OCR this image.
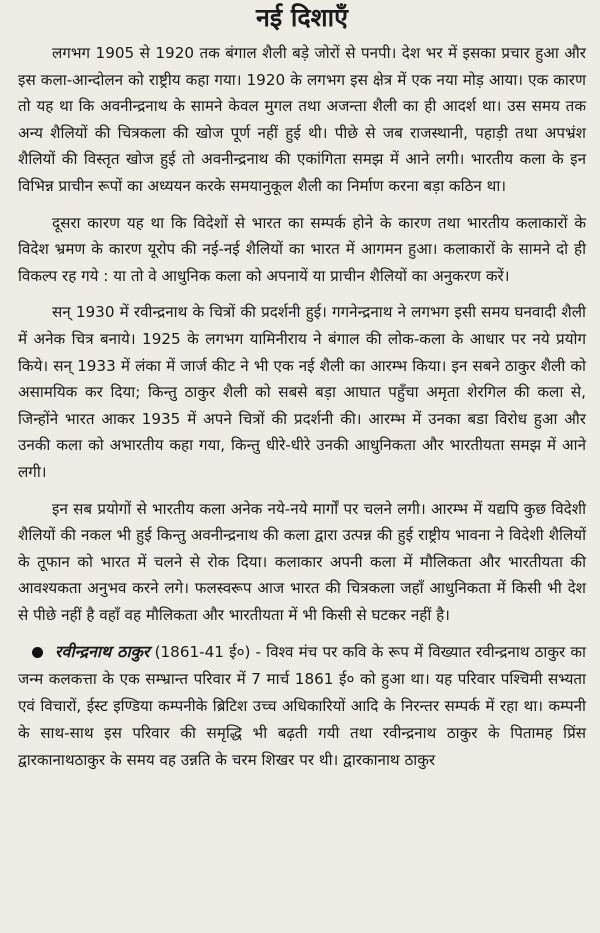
नई दिशाएँ

लगभग 1905 से 1920 तक बंगाल शैली बड़े जोरों से पनपी। देश भर में इसका प्रचार हुआ और इस कला-आन्दोलन को राष्ट्रीय कहा गया। 1920 के लगभग इस क्षेत्र में एक नया मोड़ आया। एक कारण तो यह था कि अवनीन्द्रनाथ के सामने केवल मुगल तथा अजन्ता शैली का ही आदर्श था। उस समय तक अन्य शैलियों की चित्रकला की खोज पूर्ण नहीं हुई थी। पीछे से जब राजस्थानी, पहाड़ी तथा अपभ्रंश शैलियों की विस्तृत खोज हुई तो अवनीन्द्रनाथ की एकांगिता समझ में आने लगी। भारतीय कला के इन विभिन्न प्राचीन रूपों का अध्ययन करके समयानुकूल शैली का निर्माण करना बड़ा कठिन था।

दूसरा कारण यह था कि विदेशों से भारत का सम्पर्क होने के कारण तथा भारतीय कलाकारों के विदेश भ्रमण के कारण यूरोप की नई-नई शैलियों का भारत में आगमन हुआ। कलाकारों के सामने दो ही विकल्प रह गये : या तो वे आधुनिक कला को अपनायें या प्राचीन शैलियों का अनुकरण करें।

सन् 1930 में रवीन्द्रनाथ के चित्रों की प्रदर्शनी हुई। गगनेन्द्रनाथ ने लगभग इसी समय घनवादी शैली में अनेक चित्र बनाये। 1925 के लगभग यामिनीराय ने बंगाल की लोक-कला के आधार पर नये प्रयोग किये। सन् 1933 में लंका में जार्ज कीट ने भी एक नई शैली का आरम्भ किया। इन सबने ठाकुर शैली को असामयिक कर दिया; किन्तु ठाकुर शैली को सबसे बड़ा आघात पहुँचा अमृता शेरगिल की कला से, जिन्होंने भारत आकर 1935 में अपने चित्रों की प्रदर्शनी की। आरम्भ में उनका बडा विरोध हुआ और उनकी कला को अभारतीय कहा गया, किन्तु धीरे-धीरे उनकी आधुनिकता और भारतीयता समझ में आने लगी।

इन सब प्रयोगों से भारतीय कला अनेक नये-नये मार्गों पर चलने लगी। आरम्भ में यद्यपि कुछ विदेशी शैलियों की नकल भी हुई किन्तु अवनीन्द्रनाथ की कला द्वारा उत्पन्न की हुई राष्ट्रीय भावना ने विदेशी शैलियों के तूफान को भारत में चलने से रोक दिया। कलाकार अपनी कला में मौलिकता और भारतीयता की आवश्यकता अनुभव करने लगे। फलस्वरूप आज भारत की चित्रकला जहाँ आधुनिकता में किसी भी देश से पीछे नहीं है वहाँ वह मौलिकता और भारतीयता में भी किसी से घटकर नहीं है।

रवीन्द्रनाथ ठाकुर (1861-41 ई०) - विश्व मंच पर कवि के रूप में विख्यात रवीन्द्रनाथ ठाकुर का जन्म कलकत्ता के एक सम्भ्रान्त परिवार में 7 मार्च 1861 ई० को हुआ था। यह परिवार पश्चिमी सभ्यता एवं विचारों, ईस्ट इण्डिया कम्पनीके ब्रिटिश उच्च अधिकारियों आदि के निरन्तर सम्पर्क में रहा था। कम्पनी के साथ-साथ इस परिवार की समृद्धि भी बढ़ती गयी तथा रवीन्द्रनाथ ठाकुर के पितामह प्रिंस द्वारकानाथठाकुर के समय वह उन्नति के चरम शिखर पर थी। द्वारकानाथ ठाकुर
